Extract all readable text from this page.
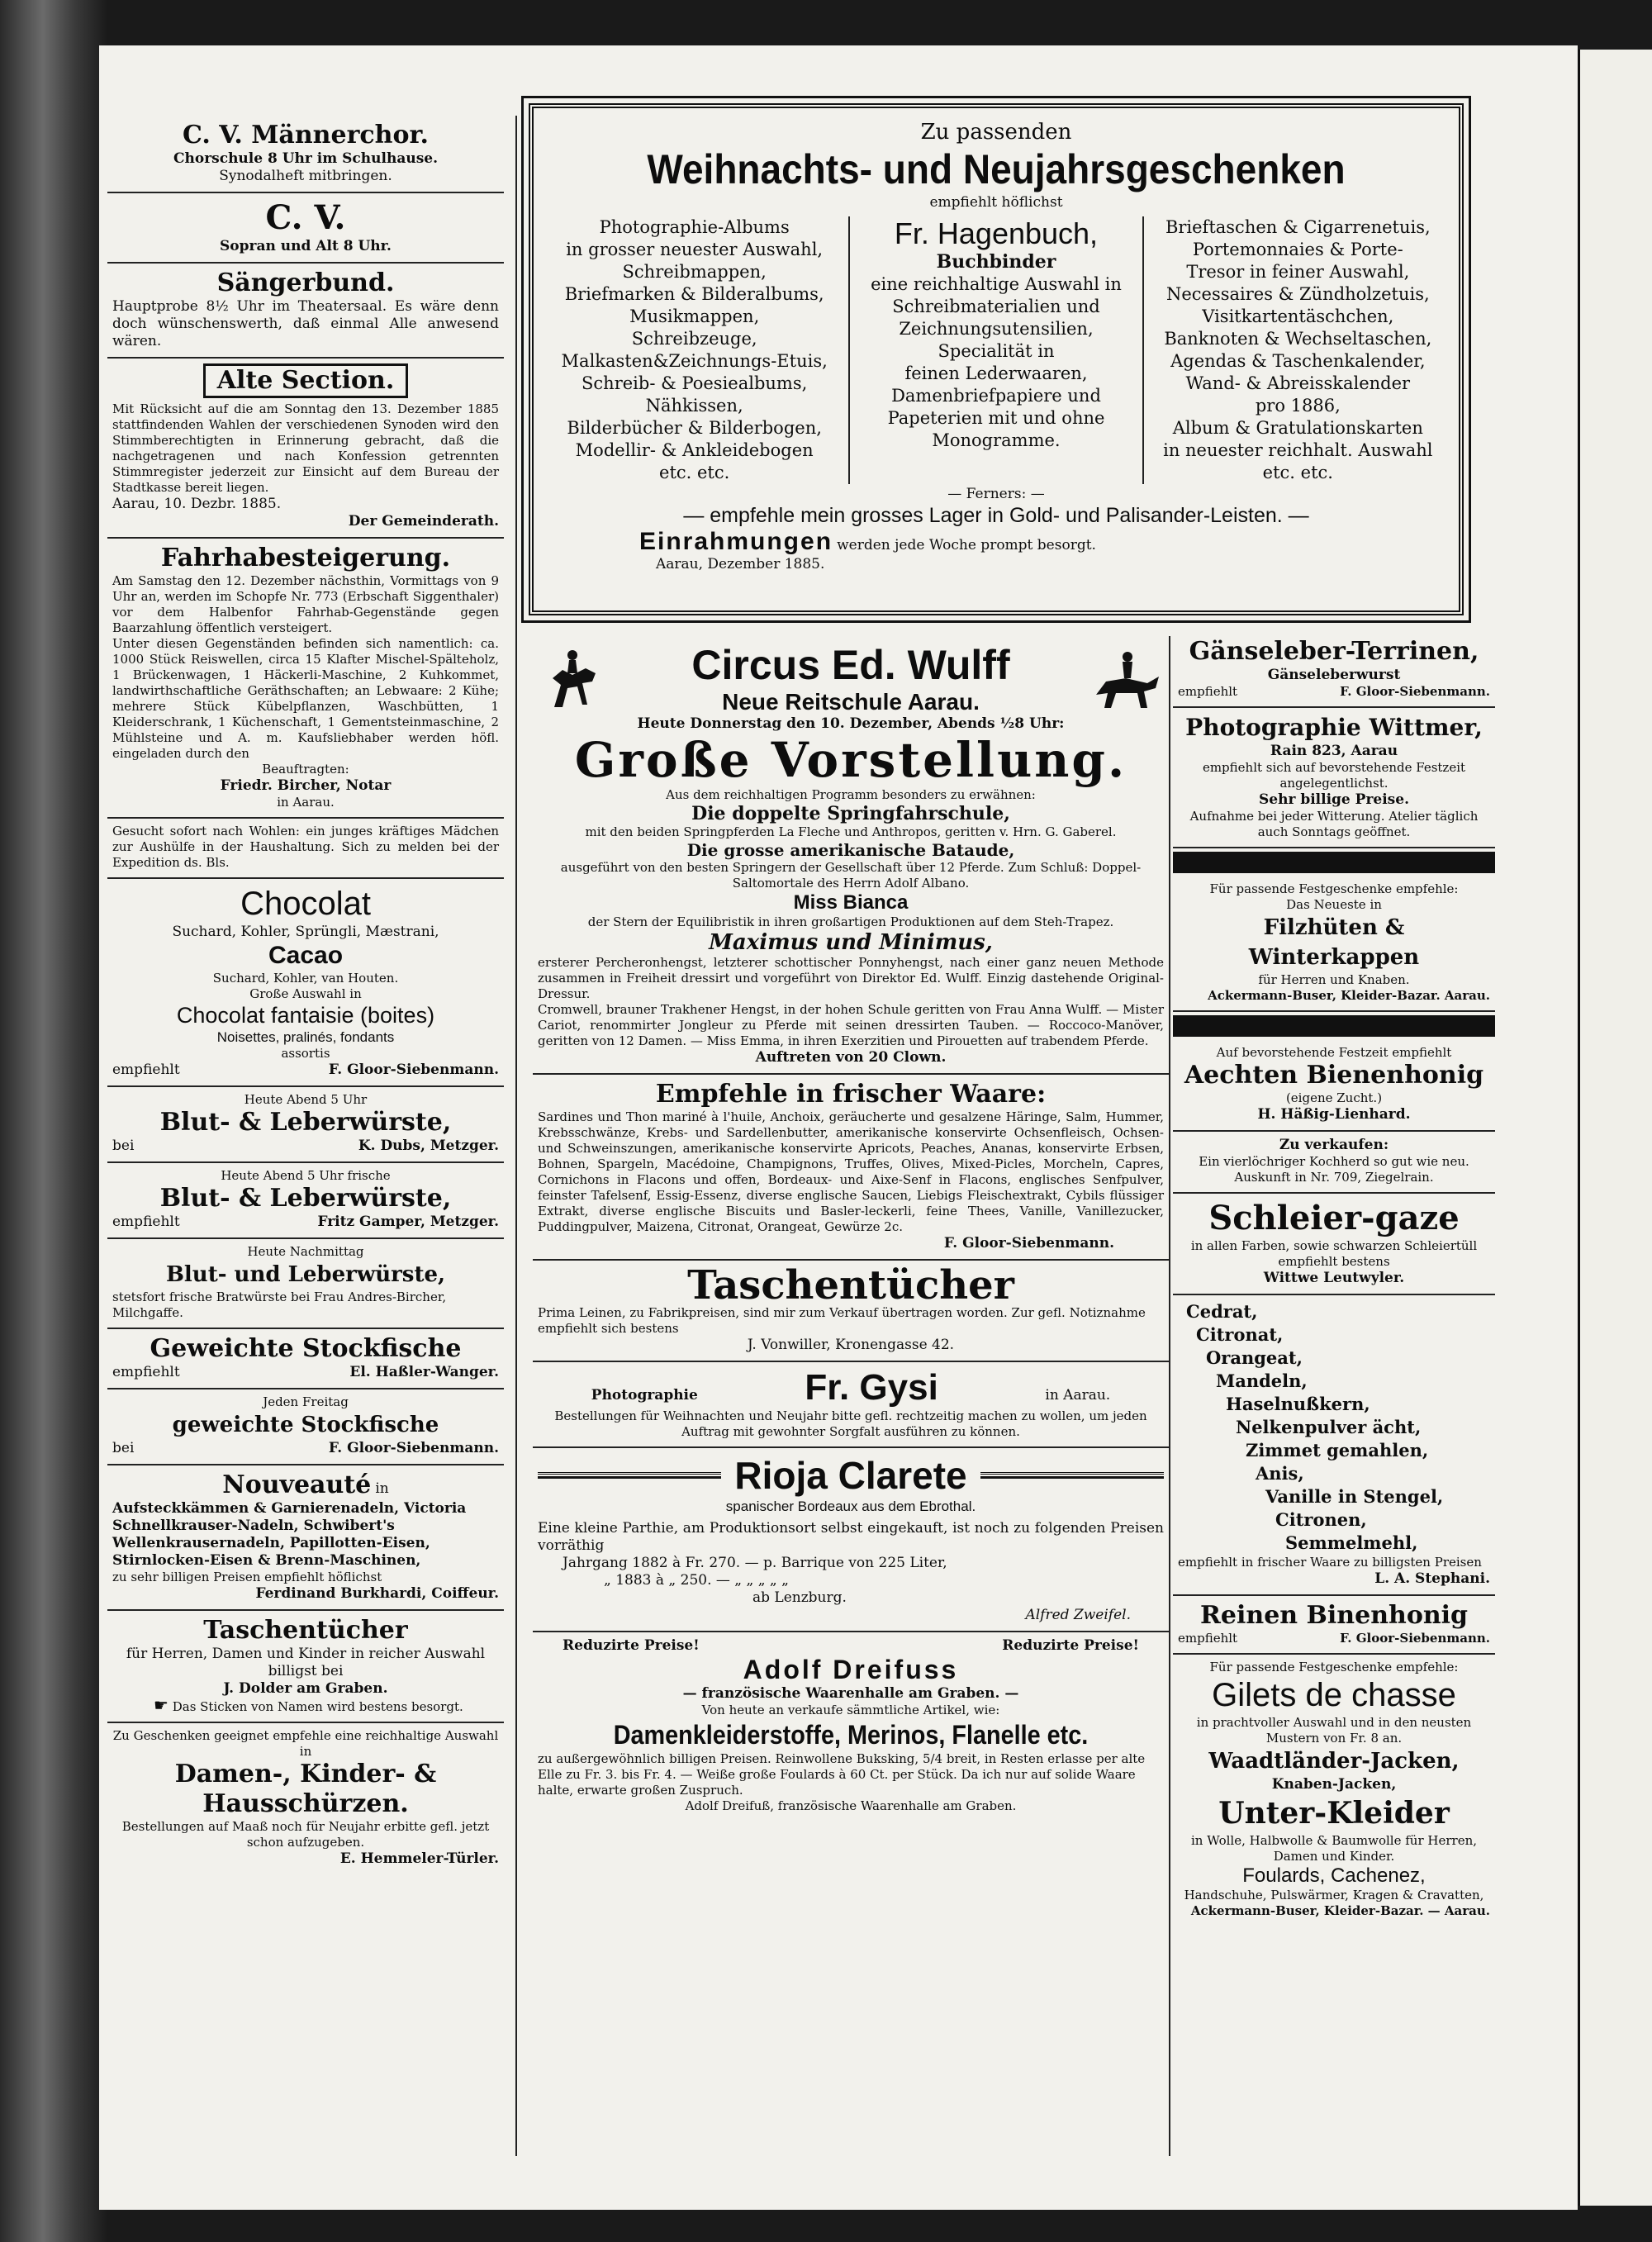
C. V. Männerchor.
Chorschule 8 Uhr im Schulhause.
Synodalheft mitbringen.
C. V.
Sopran und Alt 8 Uhr.
Sängerbund.
Hauptprobe 8½ Uhr im Theatersaal. Es wäre denn doch wünschenswerth, daß einmal Alle anwesend wären.
Alte Section.
Mit Rücksicht auf die am Sonntag den 13. Dezember 1885 stattfindenden Wahlen der verschiedenen Synoden wird den Stimmberechtigten in Erinnerung gebracht, daß die nachgetragenen und nach Konfession getrennten Stimmregister jederzeit zur Einsicht auf dem Bureau der Stadtkasse bereit liegen.
Aarau, 10. Dezbr. 1885.
Der Gemeinderath.
Fahrhabesteigerung.
Am Samstag den 12. Dezember nächsthin, Vormittags von 9 Uhr an, werden im Schopfe Nr. 773 (Erbschaft Siggenthaler) vor dem Halbenfor Fahrhab-Gegenstände gegen Baarzahlung öffentlich versteigert.
Unter diesen Gegenständen befinden sich namentlich: ca. 1000 Stück Reiswellen, circa 15 Klafter Mischel-Spälteholz, 1 Brückenwagen, 1 Häckerli-Maschine, 2 Kuhkommet, landwirthschaftliche Geräthschaften; an Lebwaare: 2 Kühe; mehrere Stück Kübelpflanzen, Waschbütten, 1 Kleiderschrank, 1 Küchenschaft, 1 Gementsteinmaschine, 2 Mühlsteine und A. m. Kaufsliebhaber werden höfl. eingeladen durch den
Beauftragten:
Friedr. Bircher, Notar
in Aarau.
Gesucht sofort nach Wohlen: ein junges kräftiges Mädchen zur Aushülfe in der Haushaltung. Sich zu melden bei der Expedition ds. Bls.
Chocolat
Suchard, Kohler, Sprüngli, Mæstrani,
Cacao
Suchard, Kohler, van Houten.
Große Auswahl in
Chocolat fantaisie (boites)
Noisettes, pralinés, fondants
assortis
empfiehlt	F. Gloor-Siebenmann.
Heute Abend 5 Uhr
Blut- & Leberwürste,
bei	K. Dubs, Metzger.
Heute Abend 5 Uhr frische
Blut- & Leberwürste,
empfiehlt	Fritz Gamper, Metzger.
Heute Nachmittag
Blut- und Leberwürste,
stetsfort frische Bratwürste bei Frau Andres-Bircher, Milchgaffe.
Geweichte Stockfische
empfiehlt	El. Haßler-Wanger.
Jeden Freitag
geweichte Stockfische
bei	F. Gloor-Siebenmann.
Nouveauté in
Aufsteckkämmen & Garnierenadeln, Victoria Schnellkrauser-Nadeln, Schwibert's Wellenkrausernadeln, Papillotten-Eisen, Stirnlocken-Eisen & Brenn-Maschinen,
zu sehr billigen Preisen empfiehlt höflichst
Ferdinand Burkhardi, Coiffeur.
Taschentücher
für Herren, Damen und Kinder in reicher Auswahl billigst bei
J. Dolder am Graben.
☛ Das Sticken von Namen wird bestens besorgt.
Zu Geschenken geeignet empfehle eine reichhaltige Auswahl in
Damen-, Kinder- &
Hausschürzen.
Bestellungen auf Maaß noch für Neujahr erbitte gefl. jetzt schon aufzugeben.
E. Hemmeler-Türler.
Zu passenden
Weihnachts- und Neujahrsgeschenken
empfiehlt höflichst
Photographie-Albums
in grosser neuester Auswahl,
Schreibmappen,
Briefmarken & Bilderalbums,
Musikmappen,
Schreibzeuge,
Malkasten&Zeichnungs-Etuis,
Schreib- & Poesiealbums,
Nähkissen,
Bilderbücher & Bilderbogen,
Modellir- & Ankleidebogen
etc. etc.
Fr. Hagenbuch,
Buchbinder
eine reichhaltige Auswahl in
Schreibmaterialien und
Zeichnungsutensilien,
Specialität in
feinen Lederwaaren,
Damenbriefpapiere und
Papeterien mit und ohne
Monogramme.
Brieftaschen & Cigarrenetuis,
Portemonnaies & Porte-
Tresor in feiner Auswahl,
Necessaires & Zündholzetuis,
Visitkartentäschchen,
Banknoten & Wechseltaschen,
Agendas & Taschenkalender,
Wand- & Abreisskalender
pro 1886,
Album & Gratulationskarten
in neuester reichhalt. Auswahl
etc. etc.
— Ferners: —
— empfehle mein grosses Lager in Gold- und Palisander-Leisten. —
Einrahmungen werden jede Woche prompt besorgt.
Aarau, Dezember 1885.
Circus Ed. Wulff
Neue Reitschule Aarau.
Heute Donnerstag den 10. Dezember, Abends ½8 Uhr:
Große Vorstellung.
Aus dem reichhaltigen Programm besonders zu erwähnen:
Die doppelte Springfahrschule,
mit den beiden Springpferden La Fleche und Anthropos, geritten v. Hrn. G. Gaberel.
Die grosse amerikanische Bataude,
ausgeführt von den besten Springern der Gesellschaft über 12 Pferde. Zum Schluß: Doppel-Saltomortale des Herrn Adolf Albano.
Miss Bianca
der Stern der Equilibristik in ihren großartigen Produktionen auf dem Steh-Trapez.
Maximus und Minimus,
ersterer Percheronhengst, letzterer schottischer Ponnyhengst, nach einer ganz neuen Methode zusammen in Freiheit dressirt und vorgeführt von Direktor Ed. Wulff. Einzig dastehende Original-Dressur.
Cromwell, brauner Trakhener Hengst, in der hohen Schule geritten von Frau Anna Wulff. — Mister Cariot, renommirter Jongleur zu Pferde mit seinen dressirten Tauben. — Roccoco-Manöver, geritten von 12 Damen. — Miss Emma, in ihren Exerzitien und Pirouetten auf trabendem Pferde.
Auftreten von 20 Clown.
Empfehle in frischer Waare:
Sardines und Thon mariné à l'huile, Anchoix, geräucherte und gesalzene Häringe, Salm, Hummer, Krebsschwänze, Krebs- und Sardellenbutter, amerikanische konservirte Ochsenfleisch, Ochsen- und Schweinszungen, amerikanische konservirte Apricots, Peaches, Ananas, konservirte Erbsen, Bohnen, Spargeln, Macédoine, Champignons, Truffes, Olives, Mixed-Picles, Morcheln, Capres, Cornichons in Flacons und offen, Bordeaux- und Aixe-Senf in Flacons, englisches Senfpulver, feinster Tafelsenf, Essig-Essenz, diverse englische Saucen, Liebigs Fleischextrakt, Cybils flüssiger Extrakt, diverse englische Biscuits und Basler-leckerli, feine Thees, Vanille, Vanillezucker, Puddingpulver, Maizena, Citronat, Orangeat, Gewürze 2c.
F. Gloor-Siebenmann.
Taschentücher
Prima Leinen, zu Fabrikpreisen, sind mir zum Verkauf übertragen worden. Zur gefl. Notiznahme empfiehlt sich bestens
J. Vonwiller, Kronengasse 42.
Photographie	Fr. Gysi	in Aarau.
Bestellungen für Weihnachten und Neujahr bitte gefl. rechtzeitig machen zu wollen, um jeden Auftrag mit gewohnter Sorgfalt ausführen zu können.
Rioja Clarete
spanischer Bordeaux aus dem Ebrothal.
Eine kleine Parthie, am Produktionsort selbst eingekauft, ist noch zu folgenden Preisen vorräthig
Jahrgang 1882 à Fr. 270. — p. Barrique von 225 Liter,
„ 1883 à „ 250. — „ „ „ „ „
ab Lenzburg.
Alfred Zweifel.
Reduzirte Preise!	Reduzirte Preise!
Adolf Dreifuss
— französische Waarenhalle am Graben. —
Von heute an verkaufe sämmtliche Artikel, wie:
Damenkleiderstoffe, Merinos, Flanelle etc.
zu außergewöhnlich billigen Preisen. Reinwollene Buksking, 5/4 breit, in Resten erlasse per alte Elle zu Fr. 3. bis Fr. 4. — Weiße große Foulards à 60 Ct. per Stück. Da ich nur auf solide Waare halte, erwarte großen Zuspruch.
Adolf Dreifuß, französische Waarenhalle am Graben.
Gänseleber-Terrinen,
Gänseleberwurst
empfiehlt	F. Gloor-Siebenmann.
Photographie Wittmer,
Rain 823, Aarau
empfiehlt sich auf bevorstehende Festzeit angelegentlichst.
Sehr billige Preise.
Aufnahme bei jeder Witterung. Atelier täglich auch Sonntags geöffnet.
Für passende Festgeschenke empfehle:
Das Neueste in
Filzhüten & Winterkappen
für Herren und Knaben.
Ackermann-Buser, Kleider-Bazar. Aarau.
Auf bevorstehende Festzeit empfiehlt
Aechten Bienenhonig
(eigene Zucht.)
H. Häßig-Lienhard.
Zu verkaufen:
Ein vierlöchriger Kochherd so gut wie neu. Auskunft in Nr. 709, Ziegelrain.
Schleier-gaze
in allen Farben, sowie schwarzen Schleiertüll empfiehlt bestens
Wittwe Leutwyler.
Cedrat,
Citronat,
Orangeat,
Mandeln,
Haselnußkern,
Nelkenpulver ächt,
Zimmet gemahlen,
Anis,
Vanille in Stengel,
Citronen,
Semmelmehl,
empfiehlt in frischer Waare zu billigsten Preisen
L. A. Stephani.
Reinen Binenhonig
empfiehlt	F. Gloor-Siebenmann.
Für passende Festgeschenke empfehle:
Gilets de chasse
in prachtvoller Auswahl und in den neusten Mustern von Fr. 8 an.
Waadtländer-Jacken,
Knaben-Jacken,
Unter-Kleider
in Wolle, Halbwolle & Baumwolle für Herren, Damen und Kinder.
Foulards, Cachenez,
Handschuhe, Pulswärmer, Kragen & Cravatten,
Ackermann-Buser, Kleider-Bazar. — Aarau.
